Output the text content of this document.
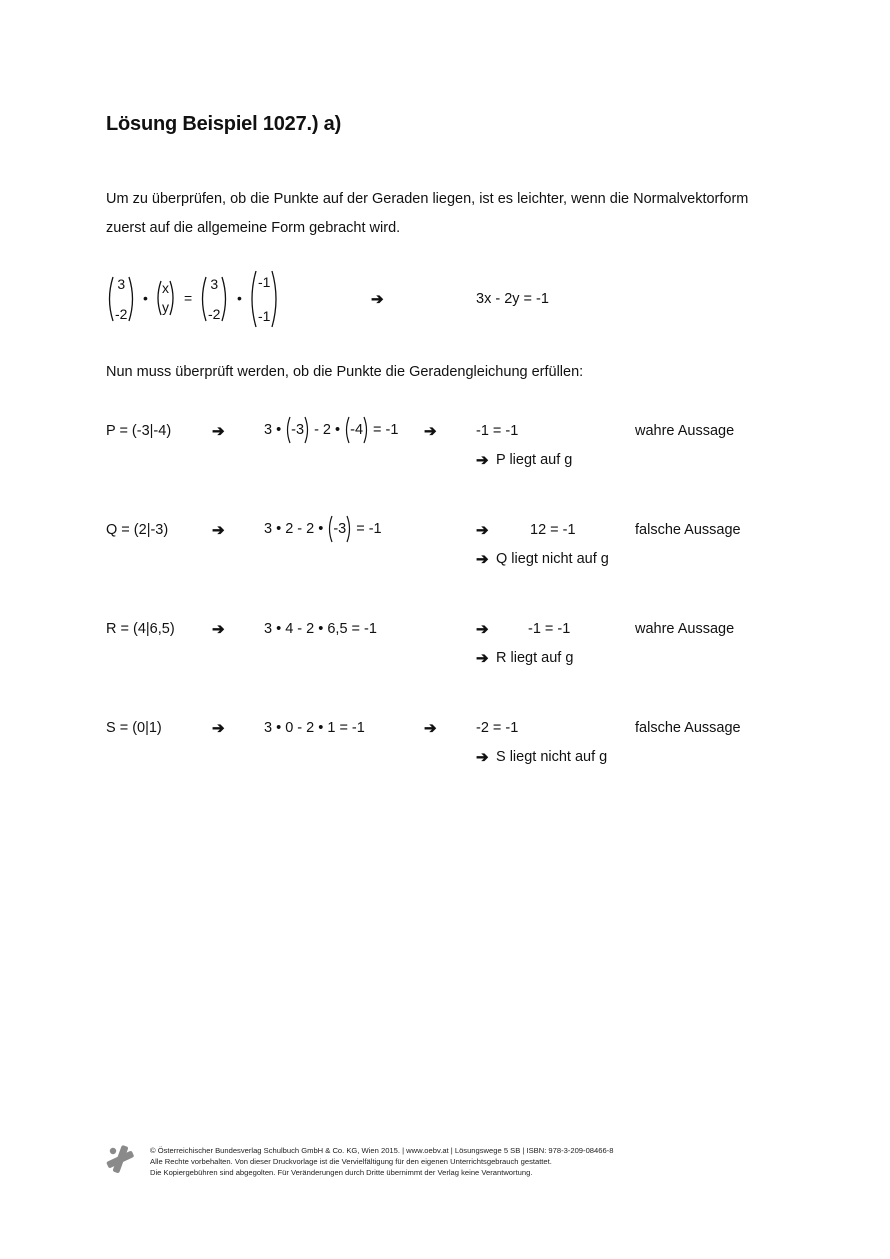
Lösung Beispiel 1027.) a)
Um zu überprüfen, ob die Punkte auf der Geraden liegen, ist es leichter, wenn die Normalvektorform
zuerst auf die allgemeine Form gebracht wird.
3
-2
•
x
y
=
3
-2
•
-1
-1
➔	3x - 2y = -1
Nun muss überprüft werden, ob die Punkte die Geradengleichung erfüllen:
P = (-3|-4)	➔	3 • -3 - 2 • -4 = -1 ➔	-1 = -1	wahre Aussage
➔ P liegt auf g
Q = (2|-3)	➔	3 • 2 - 2 • -3 = -1	➔	12 = -1	falsche Aussage
➔ Q liegt nicht auf g
R = (4|6,5) ➔	3 • 4 - 2 • 6,5 = -1	➔	-1 = -1	wahre Aussage
➔ R liegt auf g
S = (0|1)	➔	3 • 0 - 2 • 1 = -1	➔	-2 = -1	falsche Aussage
➔ S liegt nicht auf g
© Österreichischer Bundesverlag Schulbuch GmbH & Co. KG, Wien 2015. | www.oebv.at | Lösungswege 5 SB | ISBN: 978-3-209-08466-8
Alle Rechte vorbehalten. Von dieser Druckvorlage ist die Vervielfältigung für den eigenen Unterrichtsgebrauch gestattet.
Die Kopiergebühren sind abgegolten. Für Veränderungen durch Dritte übernimmt der Verlag keine Verantwortung.
